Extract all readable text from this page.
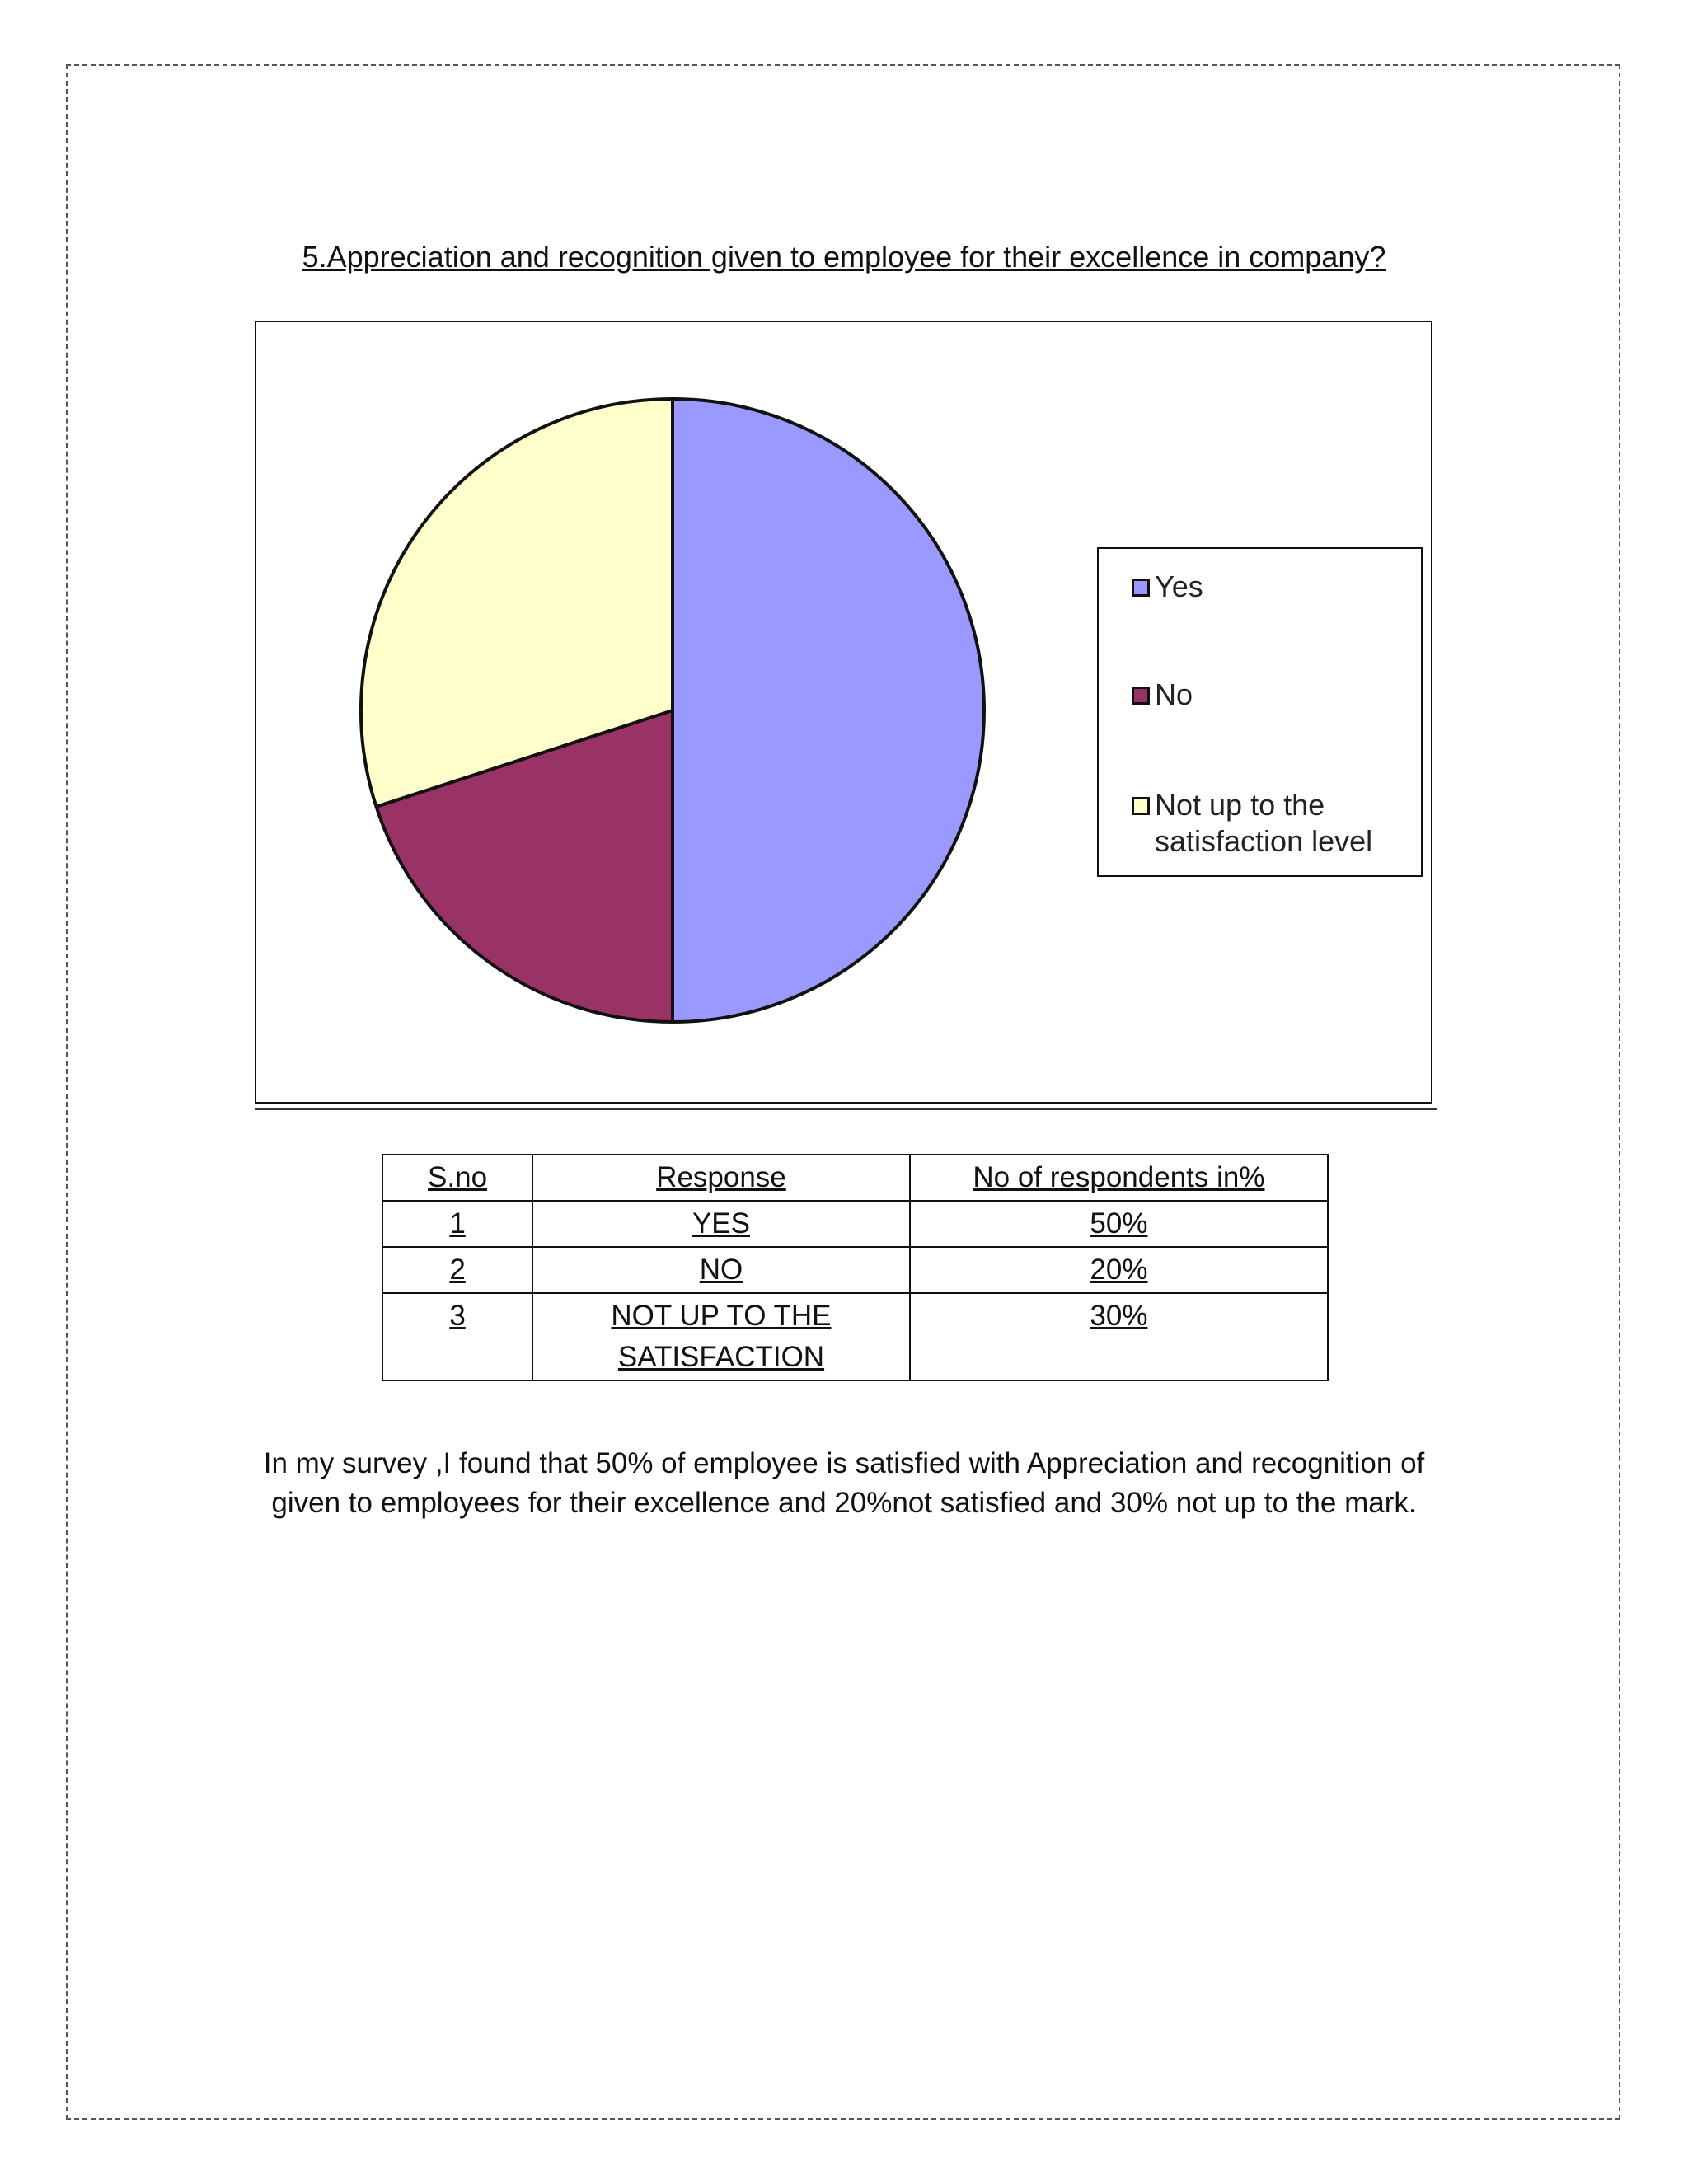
5.Appreciation and recognition given to employee for their excellence in company?
Yes
No
Not up to the satisfaction level
S.no	Response	No of respondents in%
1	YES	50%
2	NO	20%
3	NOT UP TO THE SATISFACTION	30%
In my survey ,I found that 50% of employee is satisfied with Appreciation and recognition of
given to employees for their excellence and 20%not satisfied and 30% not up to the mark.
